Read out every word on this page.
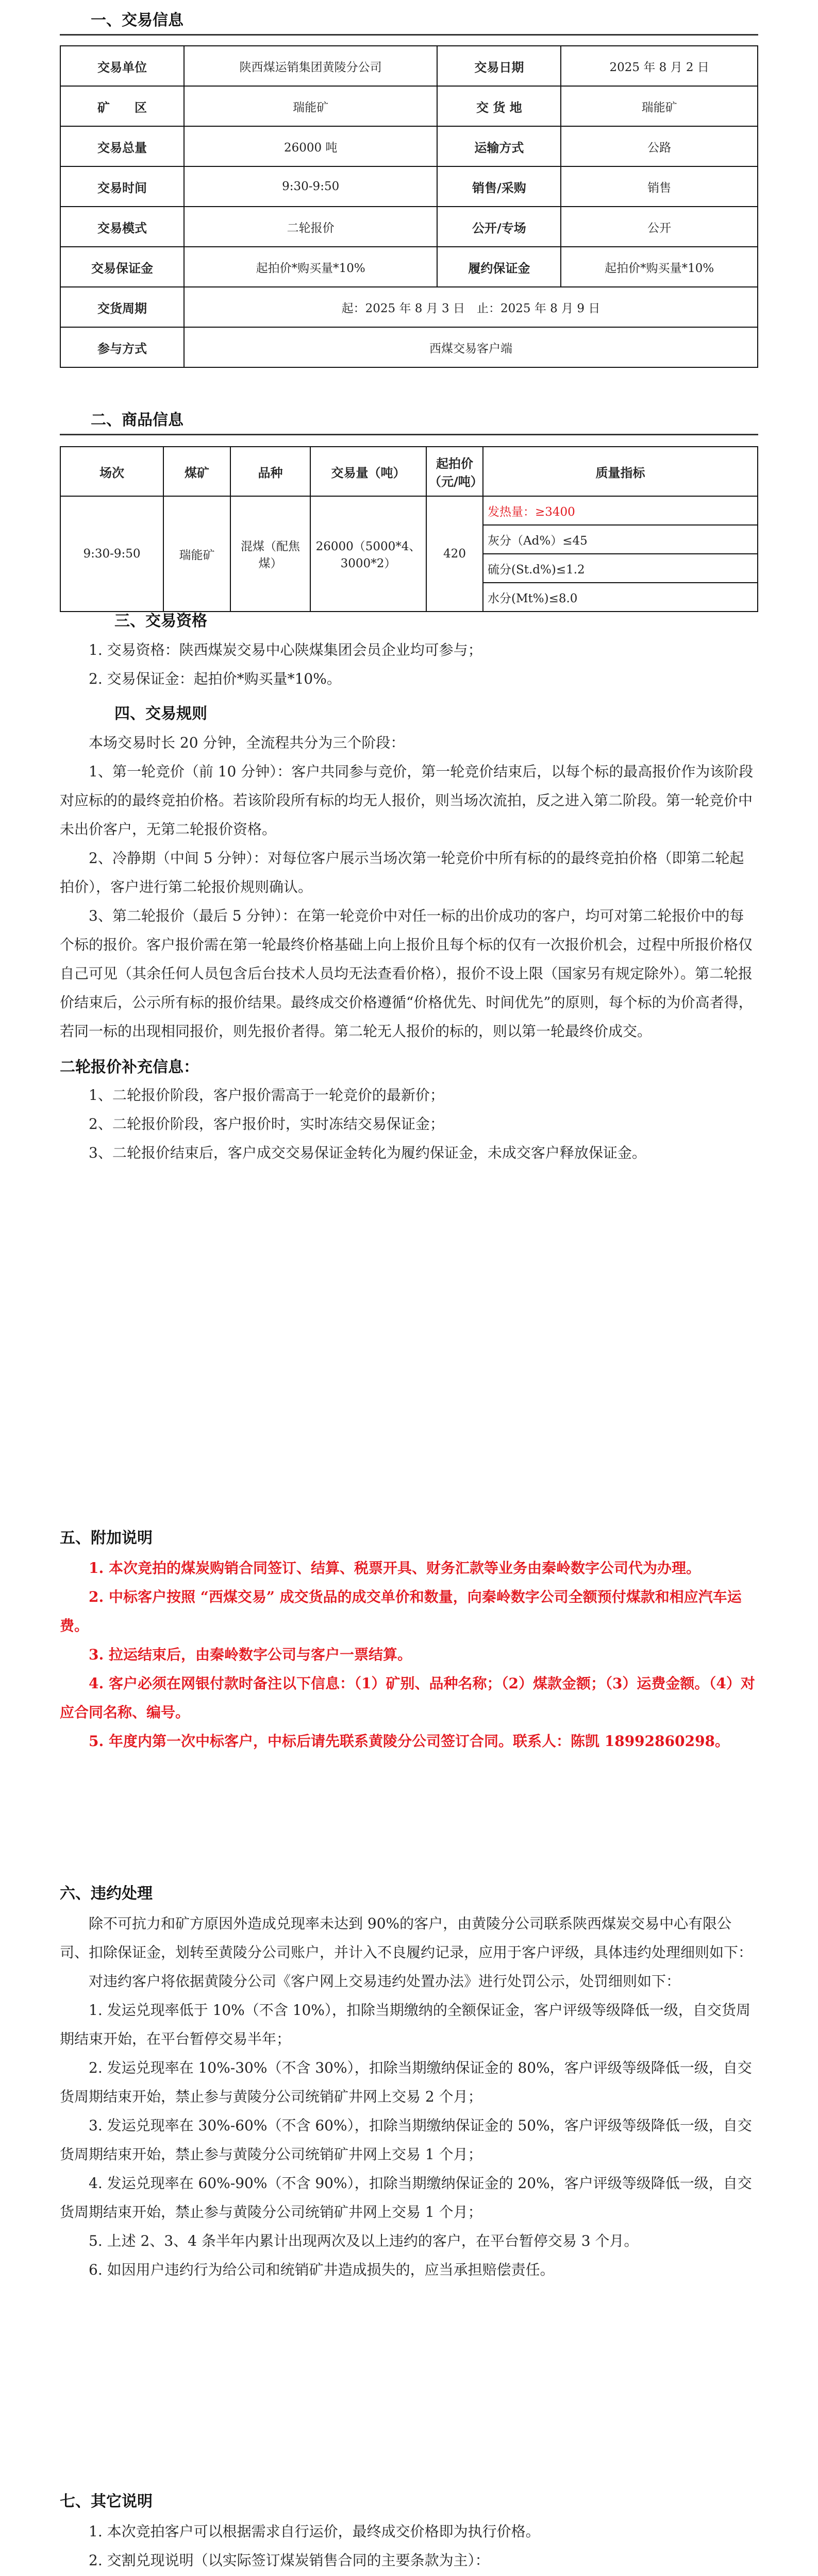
一、交易信息
交易单位	陕西煤运销集团黄陵分公司	交易日期	2025 年 8 月 2 日
矿　　区	瑞能矿	交 货 地	瑞能矿
交易总量	26000 吨	运输方式	公路
交易时间	9:30-9:50	销售/采购	销售
交易模式	二轮报价	公开/专场	公开
交易保证金	起拍价*购买量*10%	履约保证金	起拍价*购买量*10%
交货周期	起：2025 年 8 月 3 日　止：2025 年 8 月 9 日		
参与方式	西煤交易客户端		
二、商品信息
场次	煤矿	品种	交易量（吨）	起拍价（元/吨）	质量指标
9:30-9:50	瑞能矿	混煤（配焦煤）	26000（5000*4、3000*2）	420	发热量：≥3400
					灰分（Ad%）≤45
					硫分(St.d%)≤1.2
					水分(Mt%)≤8.0
三、交易资格

1. 交易资格：陕西煤炭交易中心陕煤集团会员企业均可参与；

2. 交易保证金：起拍价*购买量*10%。

四、交易规则

本场交易时长 20 分钟，全流程共分为三个阶段：

1、第一轮竞价（前 10 分钟）：客户共同参与竞价，第一轮竞价结束后，以每个标的最高报价作为该阶段对应标的的最终竞拍价格。若该阶段所有标的均无人报价，则当场次流拍，反之进入第二阶段。第一轮竞价中未出价客户，无第二轮报价资格。

2、冷静期（中间 5 分钟）：对每位客户展示当场次第一轮竞价中所有标的的最终竞拍价格（即第二轮起拍价），客户进行第二轮报价规则确认。

3、第二轮报价（最后 5 分钟）：在第一轮竞价中对任一标的出价成功的客户，均可对第二轮报价中的每个标的报价。客户报价需在第一轮最终价格基础上向上报价且每个标的仅有一次报价机会，过程中所报价格仅自己可见（其余任何人员包含后台技术人员均无法查看价格），报价不设上限（国家另有规定除外）。第二轮报价结束后，公示所有标的报价结果。最终成交价格遵循“价格优先、时间优先”的原则，每个标的为价高者得，若同一标的出现相同报价，则先报价者得。第二轮无人报价的标的，则以第一轮最终价成交。

二轮报价补充信息：

1、二轮报价阶段，客户报价需高于一轮竞价的最新价；

2、二轮报价阶段，客户报价时，实时冻结交易保证金；

3、二轮报价结束后，客户成交交易保证金转化为履约保证金，未成交客户释放保证金。

五、附加说明

1. 本次竞拍的煤炭购销合同签订、结算、税票开具、财务汇款等业务由秦岭数字公司代为办理。

2. 中标客户按照 “西煤交易” 成交货品的成交单价和数量，向秦岭数字公司全额预付煤款和相应汽车运费。

3. 拉运结束后，由秦岭数字公司与客户一票结算。

4. 客户必须在网银付款时备注以下信息：（1）矿别、品种名称；（2）煤款金额；（3）运费金额。（4）对应合同名称、编号。

5. 年度内第一次中标客户，中标后请先联系黄陵分公司签订合同。联系人：陈凯 18992860298。

六、违约处理

除不可抗力和矿方原因外造成兑现率未达到 90%的客户，由黄陵分公司联系陕西煤炭交易中心有限公司、扣除保证金，划转至黄陵分公司账户，并计入不良履约记录，应用于客户评级，具体违约处理细则如下：

对违约客户将依据黄陵分公司《客户网上交易违约处置办法》进行处罚公示，处罚细则如下：

1. 发运兑现率低于 10%（不含 10%），扣除当期缴纳的全额保证金，客户评级等级降低一级，自交货周期结束开始，在平台暂停交易半年；

2. 发运兑现率在 10%-30%（不含 30%），扣除当期缴纳保证金的 80%，客户评级等级降低一级，自交货周期结束开始，禁止参与黄陵分公司统销矿井网上交易 2 个月；

3. 发运兑现率在 30%-60%（不含 60%），扣除当期缴纳保证金的 50%，客户评级等级降低一级，自交货周期结束开始，禁止参与黄陵分公司统销矿井网上交易 1 个月；

4. 发运兑现率在 60%-90%（不含 90%），扣除当期缴纳保证金的 20%，客户评级等级降低一级，自交货周期结束开始，禁止参与黄陵分公司统销矿井网上交易 1 个月；

5. 上述 2、3、4 条半年内累计出现两次及以上违约的客户，在平台暂停交易 3 个月。

6. 如因用户违约行为给公司和统销矿井造成损失的，应当承担赔偿责任。

七、其它说明

1. 本次竞拍客户可以根据需求自行运价，最终成交价格即为执行价格。

2. 交割兑现说明（以实际签订煤炭销售合同的主要条款为主）：
